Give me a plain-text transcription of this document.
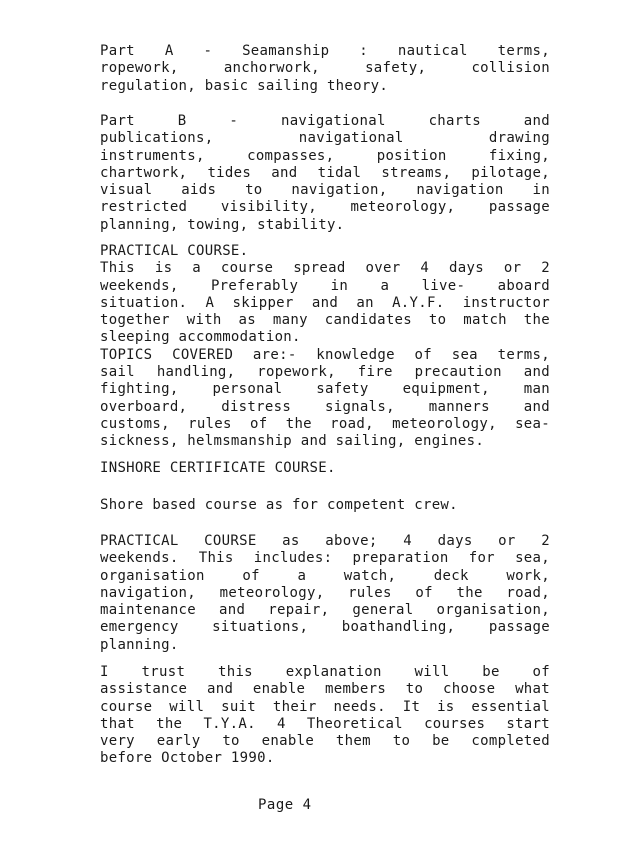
Part A - Seamanship : nautical terms,
ropework, anchorwork, safety, collision
regulation, basic sailing theory.
Part B - navigational charts and
publications, navigational drawing
instruments, compasses, position fixing,
chartwork, tides and tidal streams, pilotage,
visual aids to navigation, navigation in
restricted visibility, meteorology, passage
planning, towing, stability.
PRACTICAL COURSE.
This is a course spread over 4 days or 2
weekends, Preferably in a live- aboard
situation. A skipper and an A.Y.F. instructor
together with as many candidates to match the
sleeping accommodation.
TOPICS COVERED are:- knowledge of sea terms,
sail handling, ropework, fire precaution and
fighting, personal safety equipment, man
overboard, distress signals, manners and
customs, rules of the road, meteorology, sea-
sickness, helmsmanship and sailing, engines.
INSHORE CERTIFICATE COURSE.
Shore based course as for competent crew.
PRACTICAL COURSE as above; 4 days or 2
weekends. This includes: preparation for sea,
organisation of a watch, deck work,
navigation, meteorology, rules of the road,
maintenance and repair, general organisation,
emergency situations, boathandling, passage
planning.
I trust this explanation will be of
assistance and enable members to choose what
course will suit their needs. It is essential
that the T.Y.A. 4 Theoretical courses start
very early to enable them to be completed
before October 1990.
Page 4
